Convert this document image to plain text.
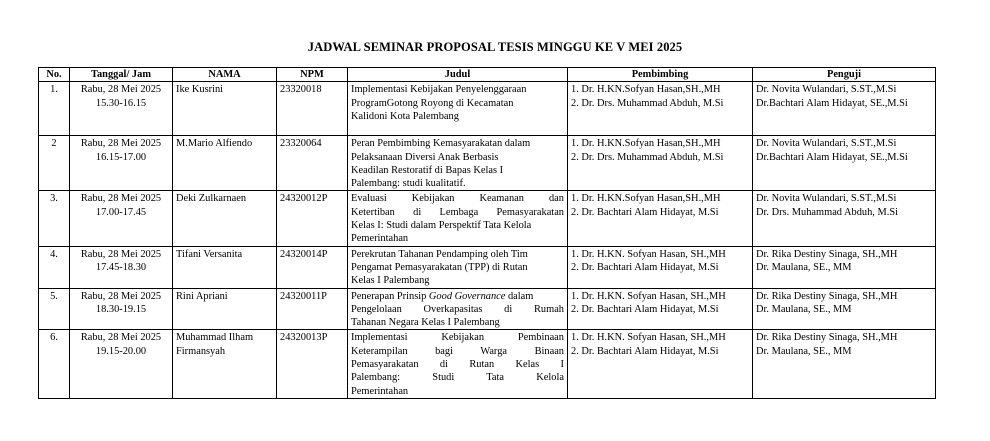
JADWAL SEMINAR PROPOSAL TESIS MINGGU KE V MEI 2025
No.	Tanggal/ Jam	NAMA	NPM	Judul	Pembimbing	Penguji
1.	Rabu, 28 Mei 2025
15.30-16.15	Ike Kusrini	23320018	Implementasi Kebijakan Penyelenggaraan
ProgramGotong Royong di Kecamatan
Kalidoni Kota Palembang	1. Dr. H.KN.Sofyan Hasan,SH.,MH
2. Dr. Drs. Muhammad Abduh, M.Si	Dr. Novita Wulandari, S.ST.,M.Si
Dr.Bachtari Alam Hidayat, SE.,M.Si

2	Rabu, 28 Mei 2025
16.15-17.00	M.Mario Alfiendo	23320064	Peran Pembimbing Kemasyarakatan dalam
Pelaksanaan Diversi Anak Berbasis
Keadilan Restoratif di Bapas Kelas I
Palembang: studi kualitatif.	1. Dr. H.KN.Sofyan Hasan,SH.,MH
2. Dr. Drs. Muhammad Abduh, M.Si	Dr. Novita Wulandari, S.ST.,M.Si
Dr.Bachtari Alam Hidayat, SE.,M.Si

3.	Rabu, 28 Mei 2025
17.00-17.45	Deki Zulkarnaen	24320012P	Evaluasi Kebijakan Keamanan dan
Ketertiban di Lembaga Pemasyarakatan
Kelas I: Studi dalam Perspektif Tata Kelola
Pemerintahan	1. Dr. H.KN.Sofyan Hasan,SH.,MH
2. Dr. Bachtari Alam Hidayat, M.Si	Dr. Novita Wulandari, S.ST.,M.Si
Dr. Drs. Muhammad Abduh, M.Si

4.	Rabu, 28 Mei 2025
17.45-18.30	Tifani Versanita	24320014P	Perekrutan Tahanan Pendamping oleh Tim
Pengamat Pemasyarakatan (TPP) di Rutan
Kelas I Palembang	1. Dr. H.KN. Sofyan Hasan, SH.,MH
2. Dr. Bachtari Alam Hidayat, M.Si	Dr. Rika Destiny Sinaga, SH.,MH
Dr. Maulana, SE., MM

5.	Rabu, 28 Mei 2025
18.30-19.15	Rini Apriani	24320011P	Penerapan Prinsip Good Governance dalam
Pengelolaan Overkapasitas di Rumah
Tahanan Negara Kelas I Palembang	1. Dr. H.KN. Sofyan Hasan, SH.,MH
2. Dr. Bachtari Alam Hidayat, M.Si	Dr. Rika Destiny Sinaga, SH.,MH
Dr. Maulana, SE., MM

6.	Rabu, 28 Mei 2025
19.15-20.00	Muhammad Ilham
Firmansyah	24320013P	Implementasi Kebijakan Pembinaan
Keterampilan bagi Warga Binaan
Pemasyarakatan di Rutan Kelas I
Palembang: Studi Tata Kelola
Pemerintahan	1. Dr. H.KN. Sofyan Hasan, SH.,MH
2. Dr. Bachtari Alam Hidayat, M.Si	Dr. Rika Destiny Sinaga, SH.,MH
Dr. Maulana, SE., MM
